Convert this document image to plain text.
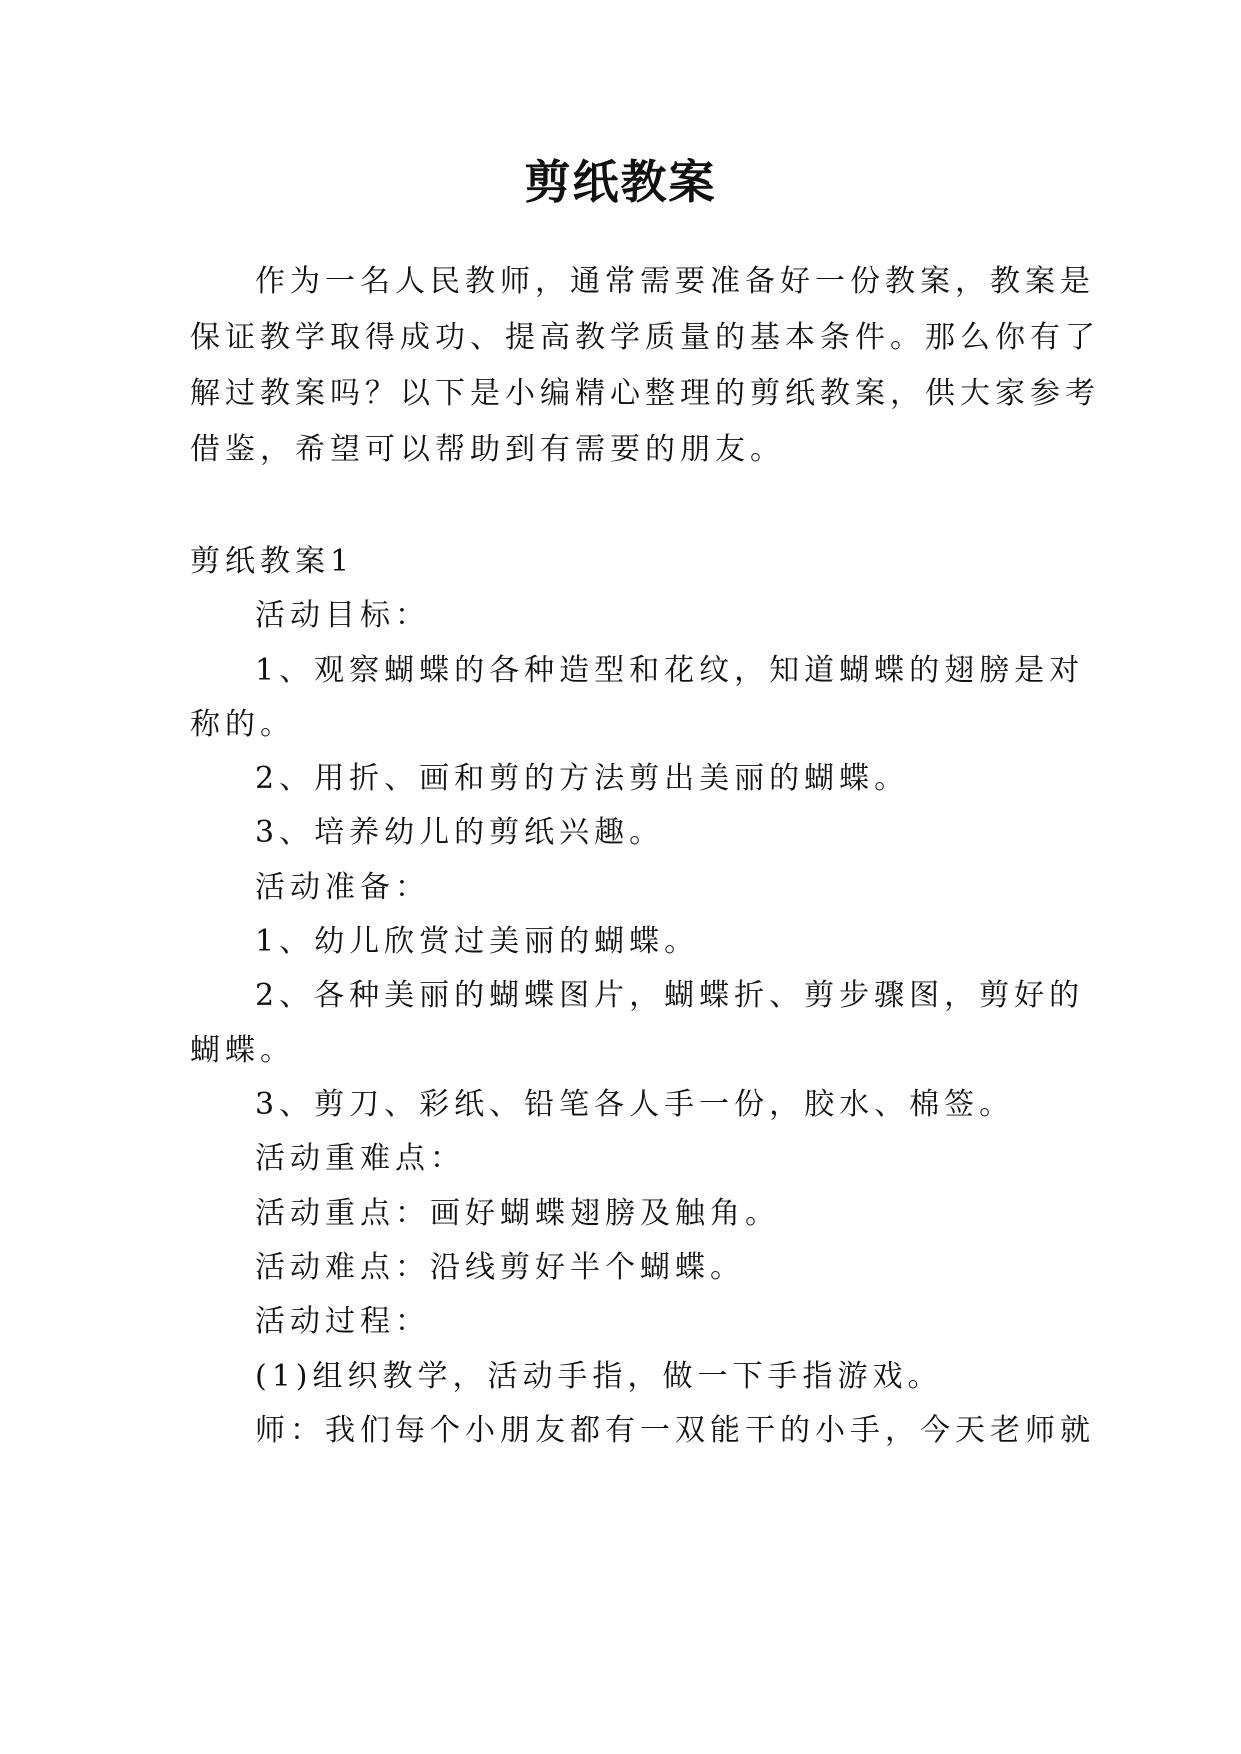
剪纸教案
作为一名人民教师，通常需要准备好一份教案，教案是
保证教学取得成功、提高教学质量的基本条件。那么你有了
解过教案吗？以下是小编精心整理的剪纸教案，供大家参考
借鉴，希望可以帮助到有需要的朋友。
剪纸教案1
活动目标：
1、观察蝴蝶的各种造型和花纹，知道蝴蝶的翅膀是对
称的。
2、用折、画和剪的方法剪出美丽的蝴蝶。
3、培养幼儿的剪纸兴趣。
活动准备：
1、幼儿欣赏过美丽的蝴蝶。
2、各种美丽的蝴蝶图片，蝴蝶折、剪步骤图，剪好的
蝴蝶。
3、剪刀、彩纸、铅笔各人手一份，胶水、棉签。
活动重难点：
活动重点：画好蝴蝶翅膀及触角。
活动难点：沿线剪好半个蝴蝶。
活动过程：
(1)组织教学，活动手指，做一下手指游戏。
师：我们每个小朋友都有一双能干的小手，今天老师就
